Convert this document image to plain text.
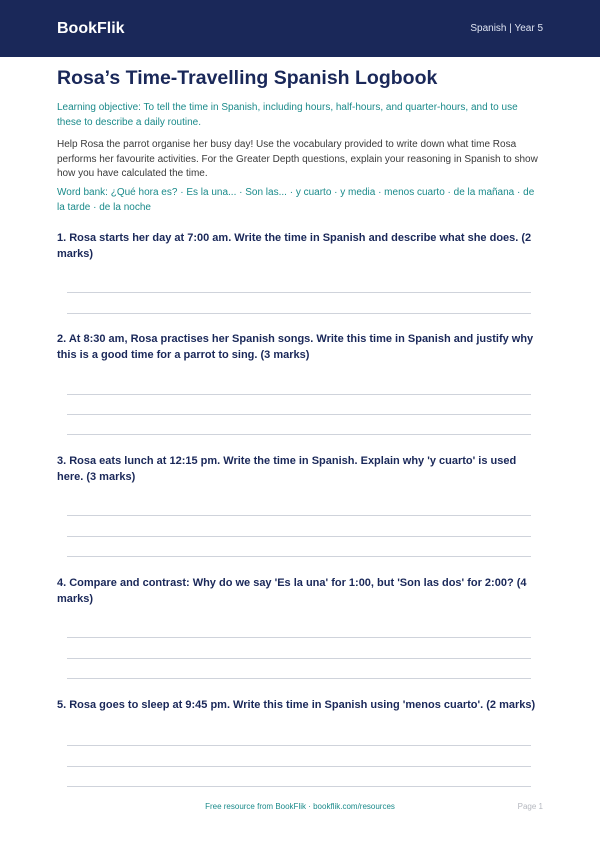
BookFlik	Spanish | Year 5
Rosa’s Time-Travelling Spanish Logbook
Learning objective: To tell the time in Spanish, including hours, half-hours, and quarter-hours, and to use these to describe a daily routine.
Help Rosa the parrot organise her busy day! Use the vocabulary provided to write down what time Rosa performs her favourite activities. For the Greater Depth questions, explain your reasoning in Spanish to show how you have calculated the time.
Word bank: ¿Qué hora es? · Es la una... · Son las... · y cuarto · y media · menos cuarto · de la mañana · de la tarde · de la noche
1. Rosa starts her day at 7:00 am. Write the time in Spanish and describe what she does. (2 marks)
2. At 8:30 am, Rosa practises her Spanish songs. Write this time in Spanish and justify why this is a good time for a parrot to sing. (3 marks)
3. Rosa eats lunch at 12:15 pm. Write the time in Spanish. Explain why 'y cuarto' is used here. (3 marks)
4. Compare and contrast: Why do we say 'Es la una' for 1:00, but 'Son las dos' for 2:00? (4 marks)
5. Rosa goes to sleep at 9:45 pm. Write this time in Spanish using 'menos cuarto'. (2 marks)
Free resource from BookFlik · bookflik.com/resources	Page 1
